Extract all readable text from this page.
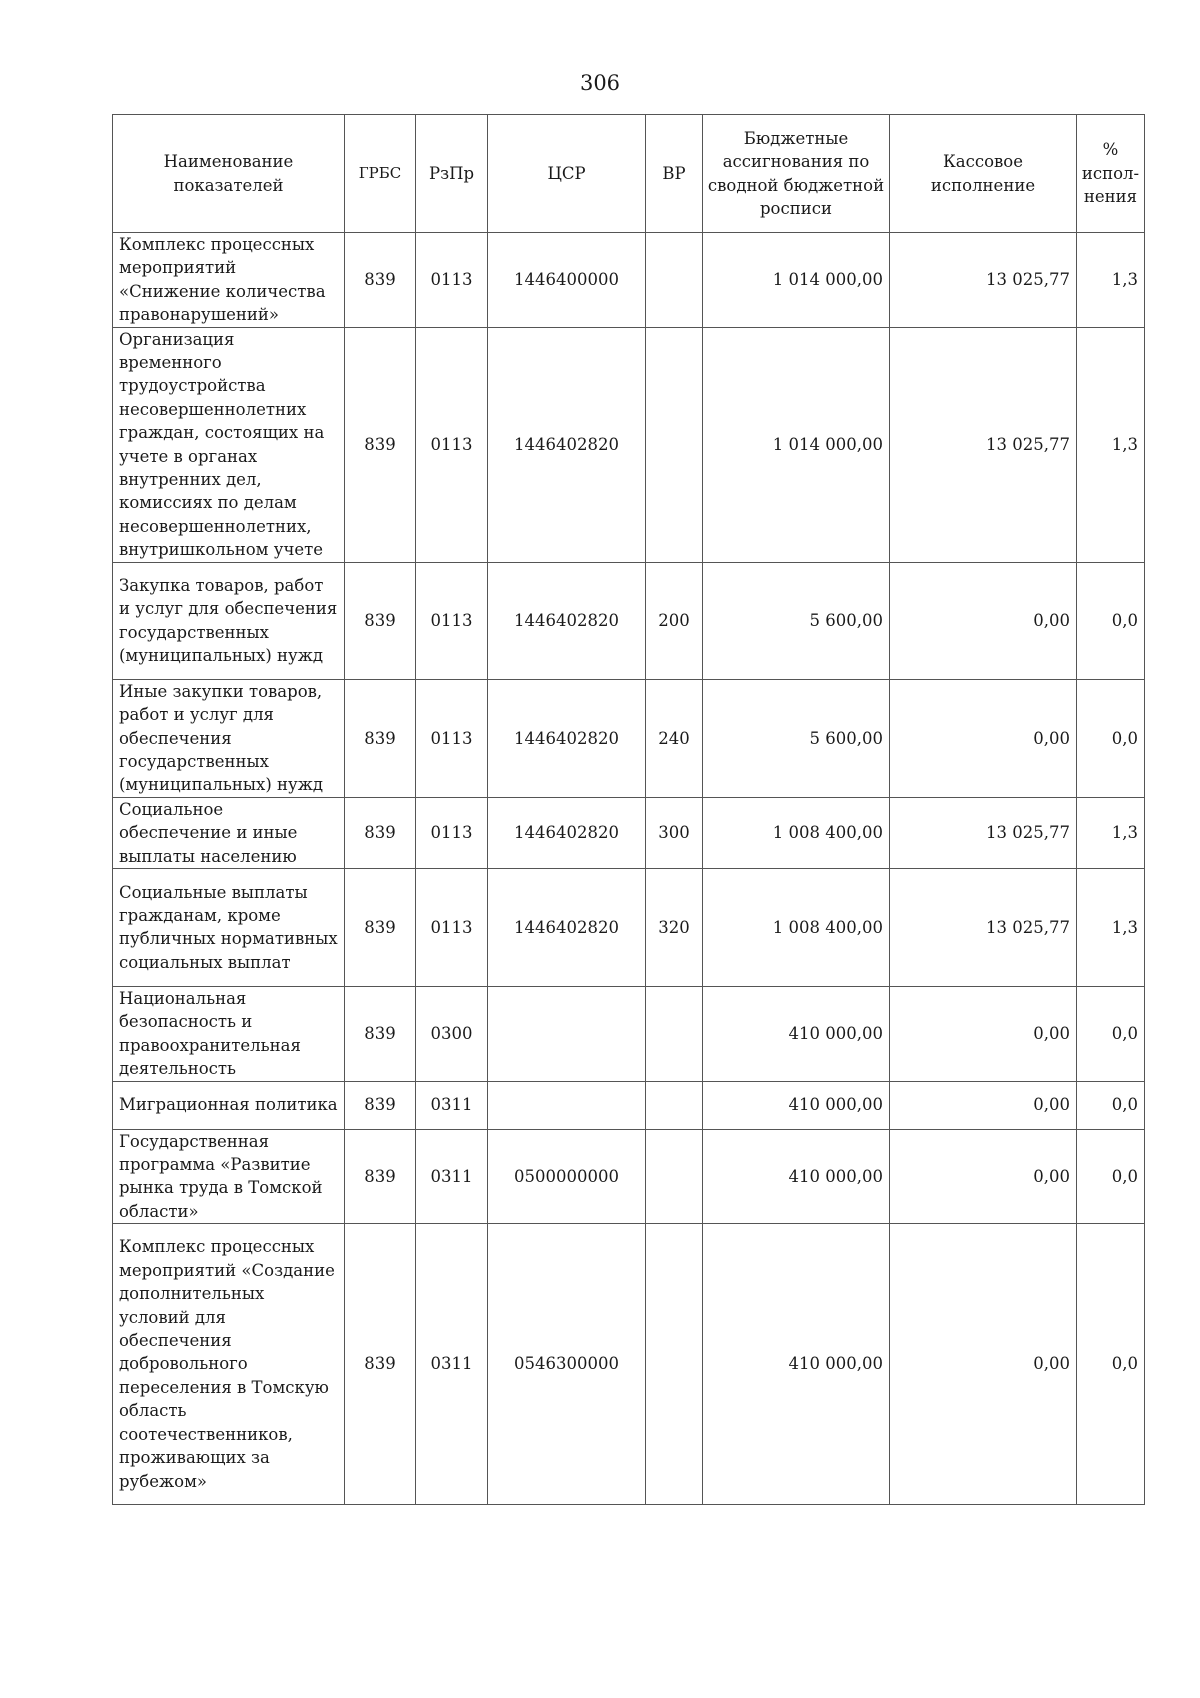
306
Наименование показателей	ГРБС	РзПр	ЦСР	ВР	Бюджетные ассигнования по сводной бюджетной росписи	Кассовое исполнение	% испол-нения
Комплекс процессных мероприятий «Снижение количества правонарушений»	839	0113	1446400000		1 014 000,00	13 025,77	1,3
Организация временного трудоустройства несовершеннолетних граждан, состоящих на учете в органах внутренних дел, комиссиях по делам несовершеннолетних, внутришкольном учете	839	0113	1446402820		1 014 000,00	13 025,77	1,3
Закупка товаров, работ и услуг для обеспечения государственных (муниципальных) нужд	839	0113	1446402820	200	5 600,00	0,00	0,0
Иные закупки товаров, работ и услуг для обеспечения государственных (муниципальных) нужд	839	0113	1446402820	240	5 600,00	0,00	0,0
Социальное обеспечение и иные выплаты населению	839	0113	1446402820	300	1 008 400,00	13 025,77	1,3
Социальные выплаты гражданам, кроме публичных нормативных социальных выплат	839	0113	1446402820	320	1 008 400,00	13 025,77	1,3
Национальная безопасность и правоохранительная деятельность	839	0300			410 000,00	0,00	0,0
Миграционная политика	839	0311			410 000,00	0,00	0,0
Государственная программа «Развитие рынка труда в Томской области»	839	0311	0500000000		410 000,00	0,00	0,0
Комплекс процессных мероприятий «Создание дополнительных условий для обеспечения добровольного переселения в Томскую область соотечественников, проживающих за рубежом»	839	0311	0546300000		410 000,00	0,00	0,0
